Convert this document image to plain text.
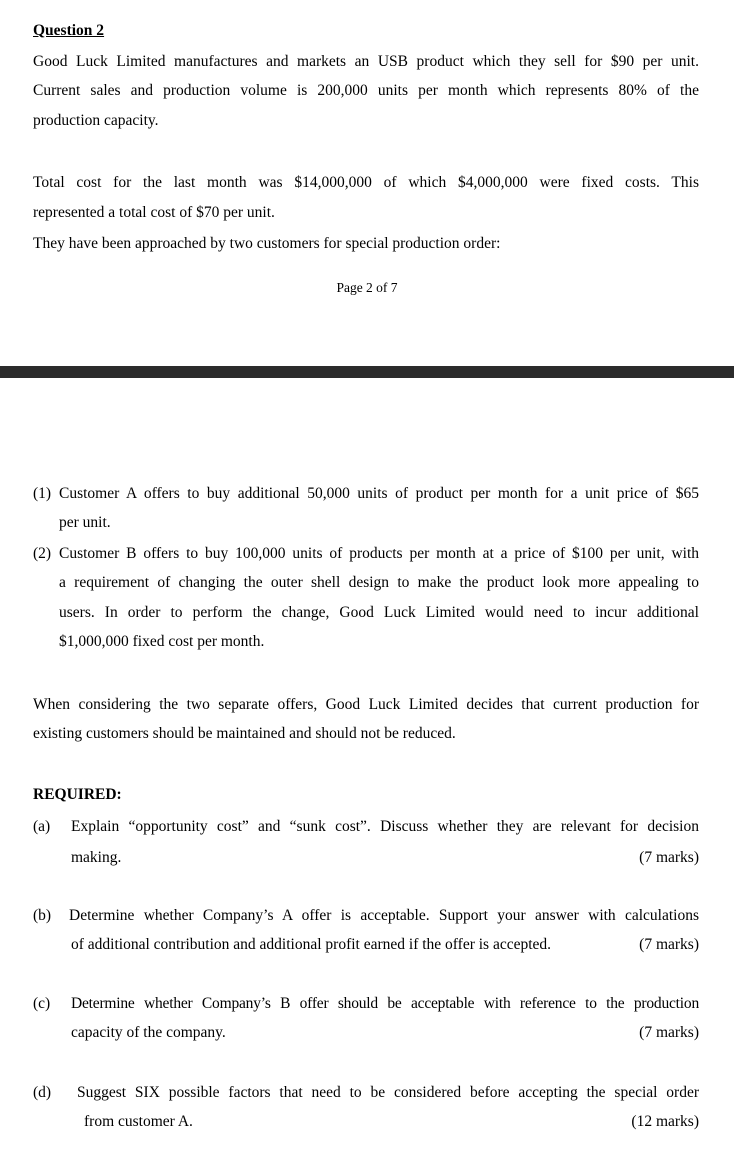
Question 2
Good Luck Limited manufactures and markets an USB product which they sell for $90 per unit.
Current sales and production volume is 200,000 units per month which represents 80% of the
production capacity.
Total cost for the last month was $14,000,000 of which $4,000,000 were fixed costs. This
represented a total cost of $70 per unit.
They have been approached by two customers for special production order:
Page 2 of 7
(1) Customer A offers to buy additional 50,000 units of product per month for a unit price of $65
per unit.
(2) Customer B offers to buy 100,000 units of products per month at a price of $100 per unit, with
a requirement of changing the outer shell design to make the product look more appealing to
users. In order to perform the change, Good Luck Limited would need to incur additional
$1,000,000 fixed cost per month.
When considering the two separate offers, Good Luck Limited decides that current production for
existing customers should be maintained and should not be reduced.
REQUIRED:
(a) Explain “opportunity cost” and “sunk cost”. Discuss whether they are relevant for decision
making.	(7 marks)
(b) Determine whether Company’s A offer is acceptable. Support your answer with calculations
of additional contribution and additional profit earned if the offer is accepted.	(7 marks)
(c) Determine whether Company’s B offer should be acceptable with reference to the production
capacity of the company.	(7 marks)
(d) Suggest SIX possible factors that need to be considered before accepting the special order
from customer A.	(12 marks)
